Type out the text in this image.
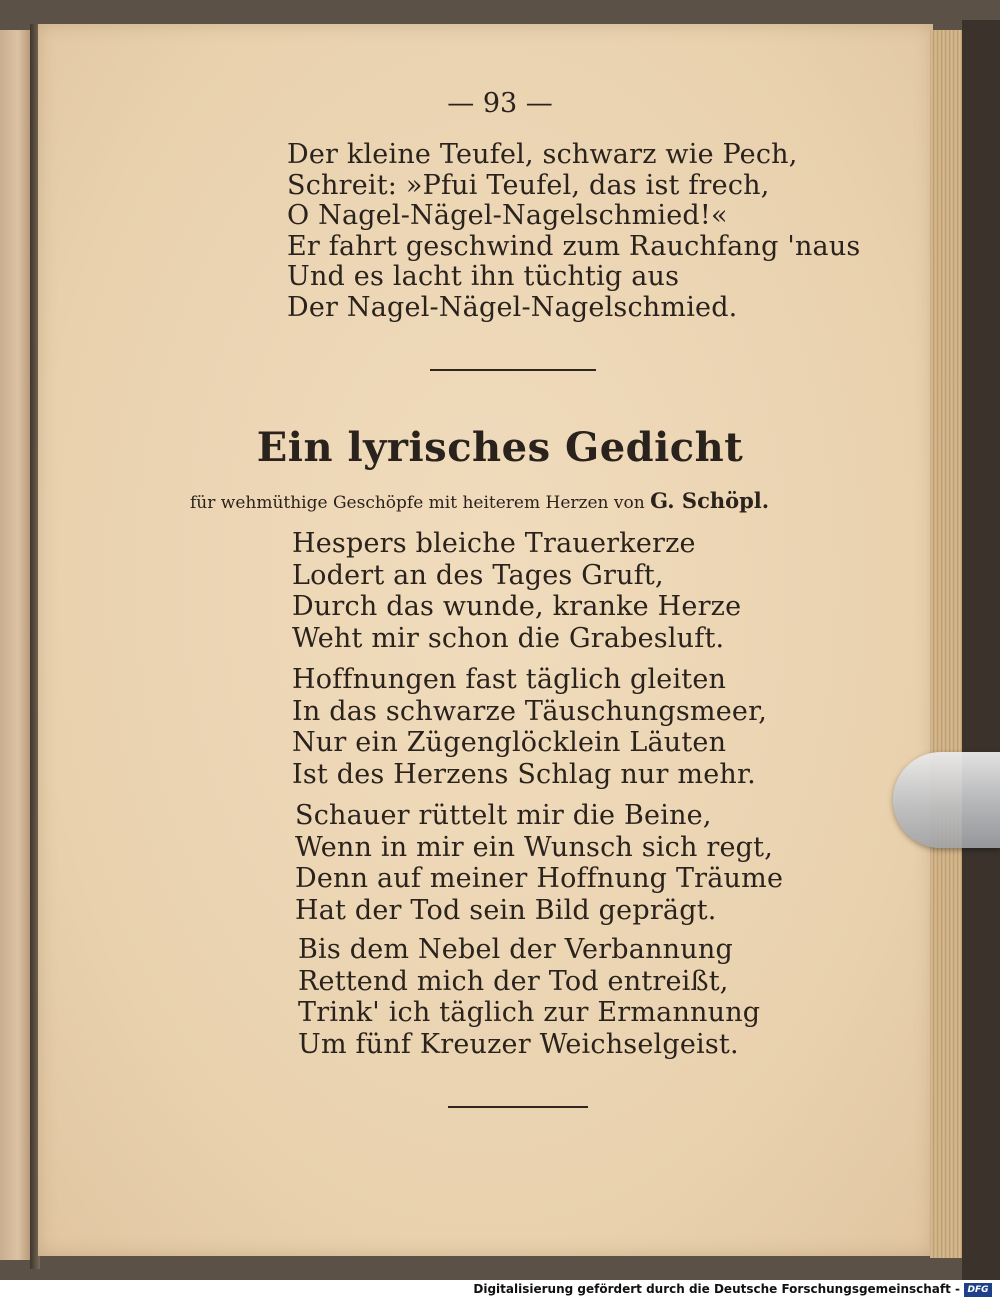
— 93 —
Der kleine Teufel, schwarz wie Pech,
Schreit: »Pfui Teufel, das ist frech,
O Nagel-Nägel-Nagelschmied!«
Er fahrt geschwind zum Rauchfang 'naus
Und es lacht ihn tüchtig aus
Der Nagel-Nägel-Nagelschmied.
Ein lyrisches Gedicht
für wehmüthige Geschöpfe mit heiterem Herzen von G. Schöpl.
Hespers bleiche Trauerkerze
Lodert an des Tages Gruft,
Durch das wunde, kranke Herze
Weht mir schon die Grabesluft.
Hoffnungen fast täglich gleiten
In das schwarze Täuschungsmeer,
Nur ein Zügenglöcklein Läuten
Ist des Herzens Schlag nur mehr.
Schauer rüttelt mir die Beine,
Wenn in mir ein Wunsch sich regt,
Denn auf meiner Hoffnung Träume
Hat der Tod sein Bild geprägt.
Bis dem Nebel der Verbannung
Rettend mich der Tod entreißt,
Trink' ich täglich zur Ermannung
Um fünf Kreuzer Weichselgeist.
Digitalisierung gefördert durch die Deutsche Forschungsgemeinschaft - DFG
